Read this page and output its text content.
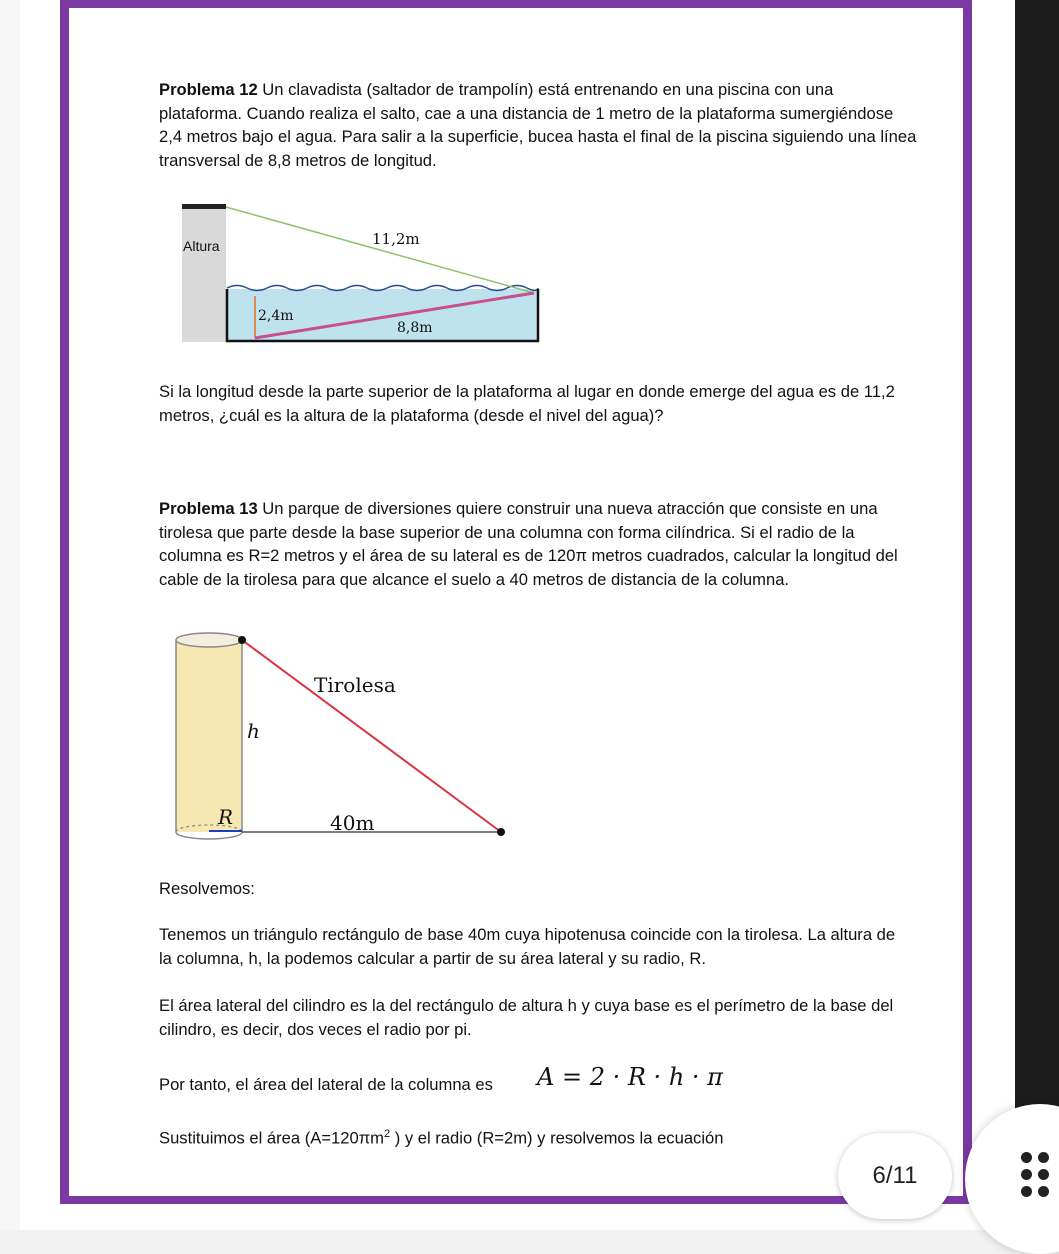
Problema 12 Un clavadista (saltador de trampolín) está entrenando en una piscina con una
plataforma. Cuando realiza el salto, cae a una distancia de 1 metro de la plataforma sumergiéndose
2,4 metros bajo el agua. Para salir a la superficie, bucea hasta el final de la piscina siguiendo una línea
transversal de 8,8 metros de longitud.
Altura	11,2m
2,4m
8,8m
Si la longitud desde la parte superior de la plataforma al lugar en donde emerge del agua es de 11,2
metros, ¿cuál es la altura de la plataforma (desde el nivel del agua)?
Problema 13 Un parque de diversiones quiere construir una nueva atracción que consiste en una
tirolesa que parte desde la base superior de una columna con forma cilíndrica. Si el radio de la
columna es R=2 metros y el área de su lateral es de 120π metros cuadrados, calcular la longitud del
cable de la tirolesa para que alcance el suelo a 40 metros de distancia de la columna.
Tirolesa
h
R	40m
Resolvemos:
Tenemos un triángulo rectángulo de base 40m cuya hipotenusa coincide con la tirolesa. La altura de
la columna, h, la podemos calcular a partir de su área lateral y su radio, R.
El área lateral del cilindro es la del rectángulo de altura h y cuya base es el perímetro de la base del
cilindro, es decir, dos veces el radio por pi.
Por tanto, el área del lateral de la columna es	A = 2 · R · h · π
Sustituimos el área ($A=120\pi m^2$ ) y el radio (R=2m) y resolvemos la ecuación
6/11
